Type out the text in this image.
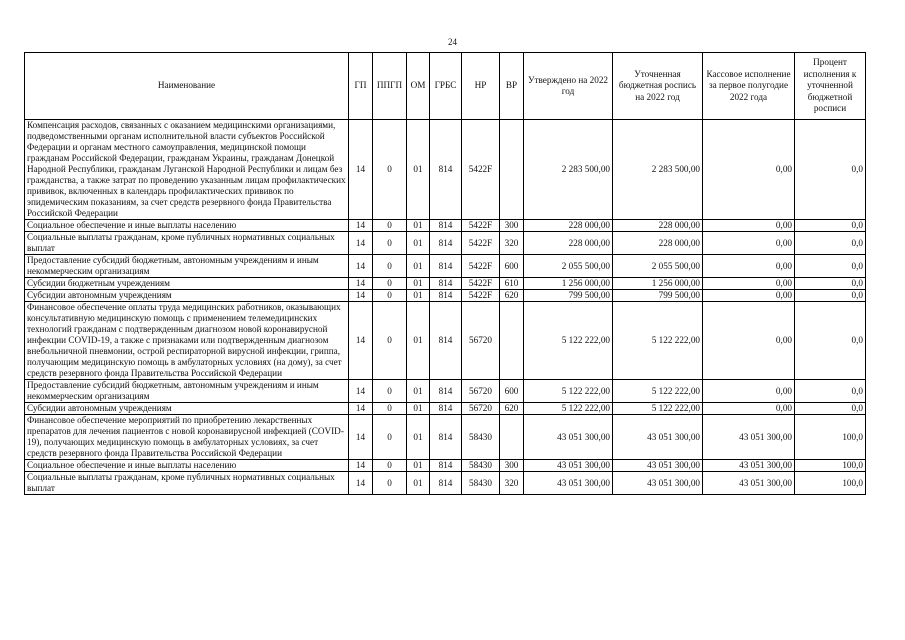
24
Наименование	ГП	ППГП	ОМ	ГРБС	НР	ВР	Утверждено на 2022 год	Уточненная бюджетная роспись на 2022 год	Кассовое исполнение за первое полугодие 2022 года	Процент исполнения к уточненной бюджетной росписи
Компенсация расходов, связанных с оказанием медицинскими организациями, подведомственными органам исполнительной власти субъектов Российской Федерации и органам местного самоуправления, медицинской помощи гражданам Российской Федерации, гражданам Украины, гражданам Донецкой Народной Республики, гражданам Луганской Народной Республики и лицам без гражданства, а также затрат по проведению указанным лицам профилактических прививок, включенных в календарь профилактических прививок по эпидемическим показаниям, за счет средств резервного фонда Правительства Российской Федерации	14	0	01	814	5422F		2 283 500,00	2 283 500,00	0,00	0,0
Социальное обеспечение и иные выплаты населению	14	0	01	814	5422F	300	228 000,00	228 000,00	0,00	0,0
Социальные выплаты гражданам, кроме публичных нормативных социальных выплат	14	0	01	814	5422F	320	228 000,00	228 000,00	0,00	0,0
Предоставление субсидий бюджетным, автономным учреждениям и иным некоммерческим организациям	14	0	01	814	5422F	600	2 055 500,00	2 055 500,00	0,00	0,0
Субсидии бюджетным учреждениям	14	0	01	814	5422F	610	1 256 000,00	1 256 000,00	0,00	0,0
Субсидии автономным учреждениям	14	0	01	814	5422F	620	799 500,00	799 500,00	0,00	0,0
Финансовое обеспечение оплаты труда медицинских работников, оказывающих консультативную медицинскую помощь с применением телемедицинских технологий гражданам с подтвержденным диагнозом новой коронавирусной инфекции COVID-19, а также с признаками или подтвержденным диагнозом внебольничной пневмонии, острой респираторной вирусной инфекции, гриппа, получающим медицинскую помощь в амбулаторных условиях (на дому), за счет средств резервного фонда Правительства Российской Федерации	14	0	01	814	56720		5 122 222,00	5 122 222,00	0,00	0,0
Предоставление субсидий бюджетным, автономным учреждениям и иным некоммерческим организациям	14	0	01	814	56720	600	5 122 222,00	5 122 222,00	0,00	0,0
Субсидии автономным учреждениям	14	0	01	814	56720	620	5 122 222,00	5 122 222,00	0,00	0,0
Финансовое обеспечение мероприятий по приобретению лекарственных препаратов для лечения пациентов с новой коронавирусной инфекцией (COVID-19), получающих медицинскую помощь в амбулаторных условиях, за счет средств резервного фонда Правительства Российской Федерации	14	0	01	814	58430		43 051 300,00	43 051 300,00	43 051 300,00	100,0
Социальное обеспечение и иные выплаты населению	14	0	01	814	58430	300	43 051 300,00	43 051 300,00	43 051 300,00	100,0
Социальные выплаты гражданам, кроме публичных нормативных социальных выплат	14	0	01	814	58430	320	43 051 300,00	43 051 300,00	43 051 300,00	100,0
